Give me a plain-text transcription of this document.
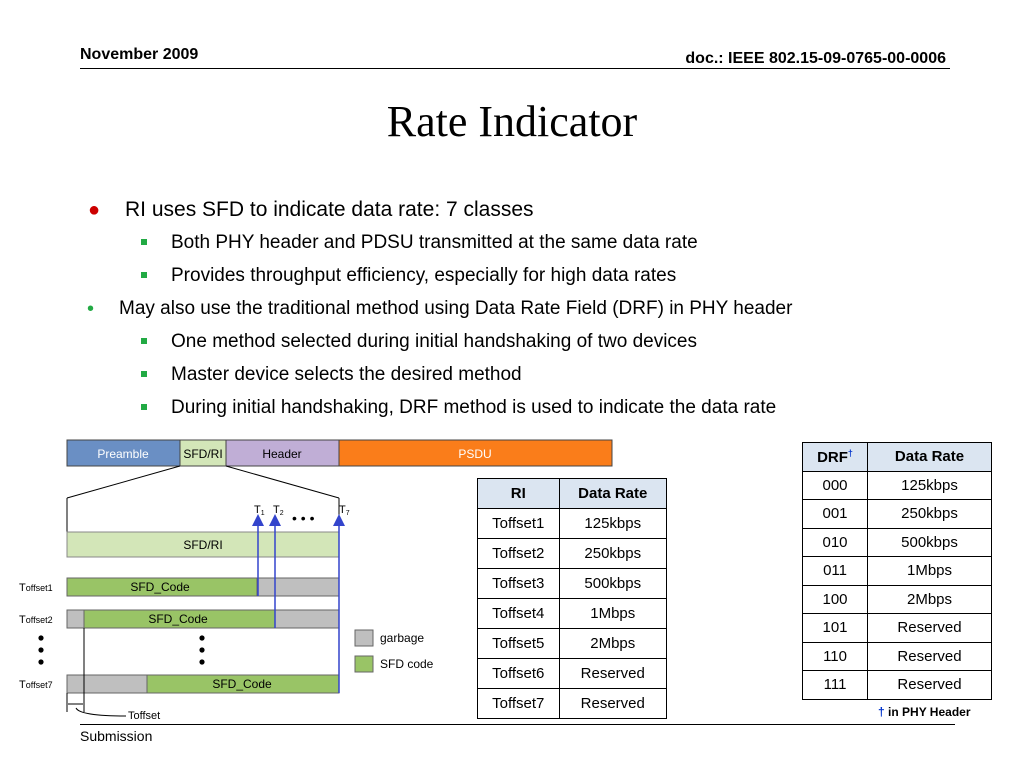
November 2009	doc.: IEEE 802.15-09-0765-00-0006
Rate Indicator
● RI uses SFD to indicate data rate: 7 classes
Both PHY header and PDSU transmitted at the same data rate
Provides throughput efficiency, especially for high data rates
• May also use the traditional method using Data Rate Field (DRF) in PHY header
One method selected during initial handshaking of two devices
Master device selects the desired method
During initial handshaking, DRF method is used to indicate the data rate
Preamble	SFD/RI	Header	PSDU
SFD/RI
SFD_Code
SFD_Code
SFD_Code
Toffset1
Toffset2
Toffset7
T1 T2	T7
• • •
Toffset
garbage
SFD code
RI	Data Rate
Toffset1	125kbps
Toffset2	250kbps
Toffset3	500kbps
Toffset4	1Mbps
Toffset5	2Mbps
Toffset6	Reserved
Toffset7	Reserved
DRF†	Data Rate
000	125kbps
001	250kbps
010	500kbps
011	1Mbps
100	2Mbps
101	Reserved
110	Reserved
111	Reserved
† in PHY Header
Submission
